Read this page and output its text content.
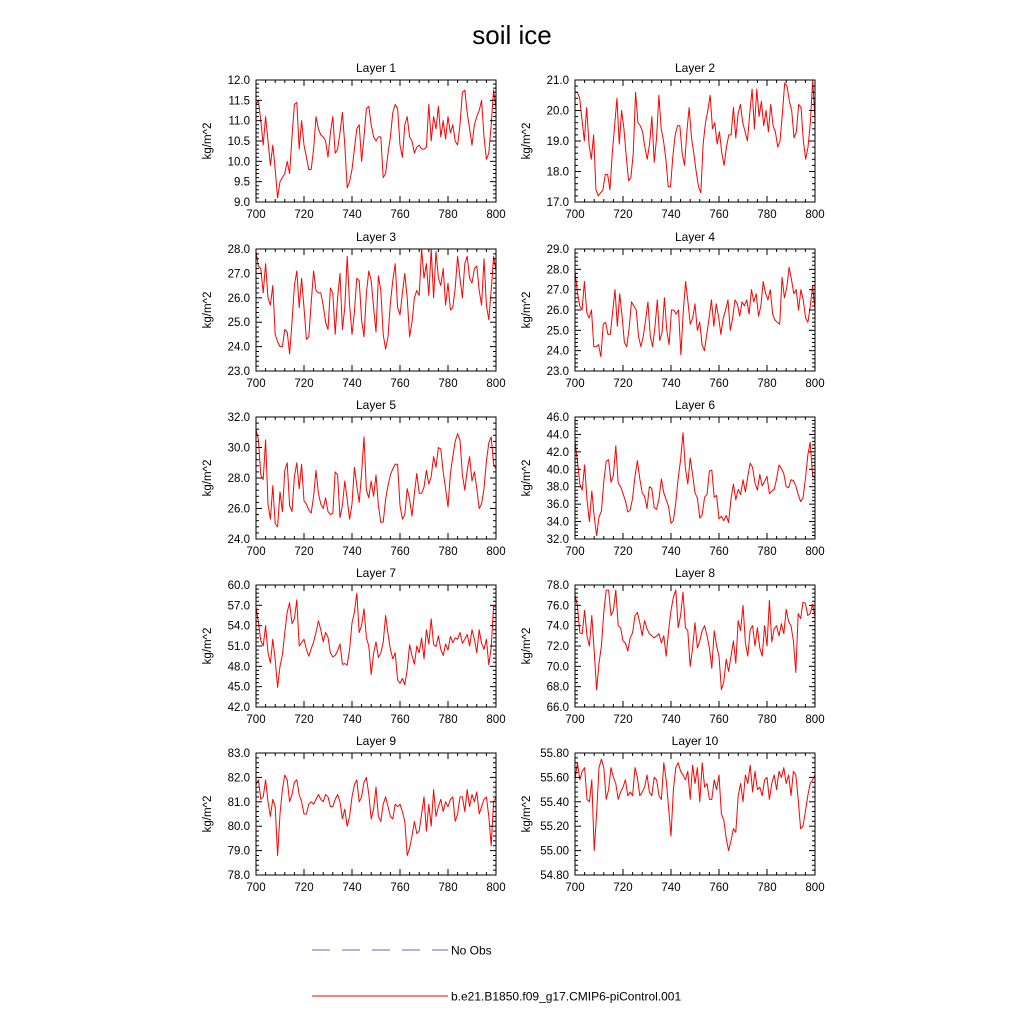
soil ice
Layer 1
700	720	740	760	780	800
9.0
9.5
10.0
10.5
11.0
11.5
12.0
kg/m^2
Layer 2
700	720	740	760	780	800
17.0
18.0
19.0
20.0
21.0
kg/m^2
Layer 3
700	720	740	760	780	800
23.0
24.0
25.0
26.0
27.0
28.0
kg/m^2
Layer 4
700	720	740	760	780	800
23.0
24.0
25.0
26.0
27.0
28.0
29.0
kg/m^2
Layer 5
700	720	740	760	780	800
24.0
26.0
28.0
30.0
32.0
kg/m^2
Layer 6
700	720	740	760	780	800
32.0
34.0
36.0
38.0
40.0
42.0
44.0
46.0
kg/m^2
Layer 7
700	720	740	760	780	800
42.0
45.0
48.0
51.0
54.0
57.0
60.0
kg/m^2
Layer 8
700	720	740	760	780	800
66.0
68.0
70.0
72.0
74.0
76.0
78.0
kg/m^2
Layer 9
700	720	740	760	780	800
78.0
79.0
80.0
81.0
82.0
83.0
kg/m^2
Layer 10
700	720	740	760	780	800
54.80
55.00
55.20
55.40
55.60
55.80
kg/m^2
No Obs
b.e21.B1850.f09_g17.CMIP6-piControl.001
